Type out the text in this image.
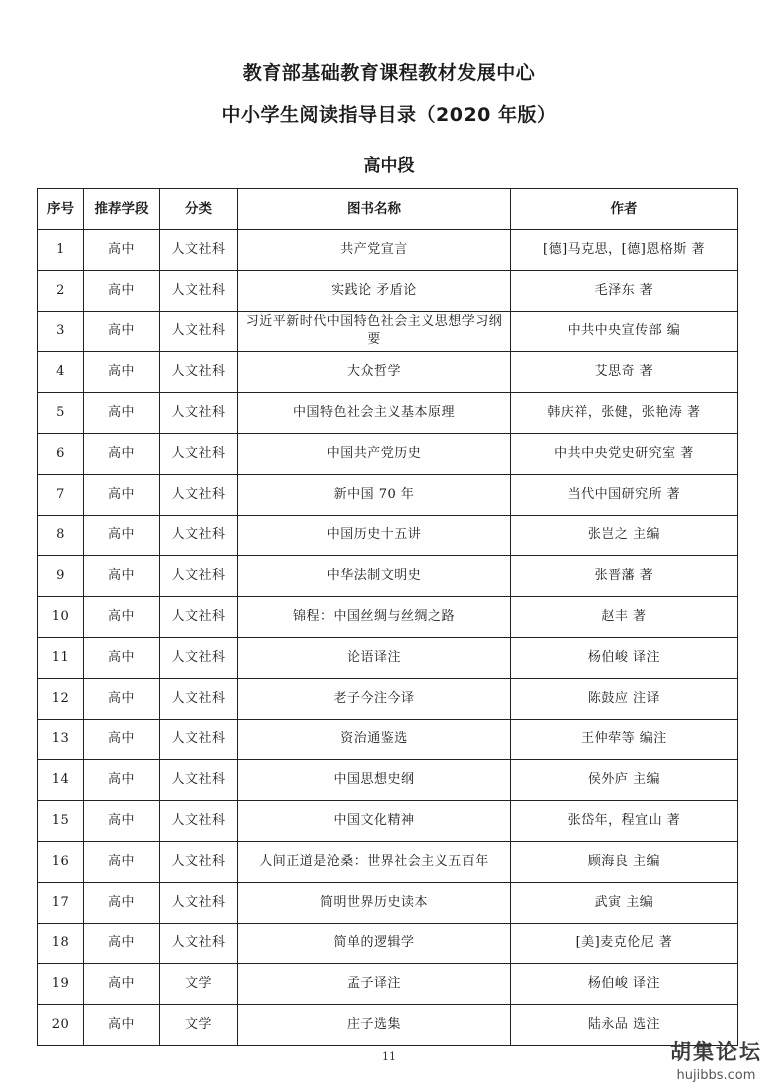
教育部基础教育课程教材发展中心
中小学生阅读指导目录（2020 年版）
高中段
序号	推荐学段	分类	图书名称	作者
1	高中	人文社科	共产党宣言	[德]马克思，[德]恩格斯 著
2	高中	人文社科	实践论 矛盾论	毛泽东 著
3	高中	人文社科	习近平新时代中国特色社会主义思想学习纲要	中共中央宣传部 编
4	高中	人文社科	大众哲学	艾思奇 著
5	高中	人文社科	中国特色社会主义基本原理	韩庆祥，张健，张艳涛 著
6	高中	人文社科	中国共产党历史	中共中央党史研究室 著
7	高中	人文社科	新中国 70 年	当代中国研究所 著
8	高中	人文社科	中国历史十五讲	张岂之 主编
9	高中	人文社科	中华法制文明史	张晋藩 著
10	高中	人文社科	锦程：中国丝绸与丝绸之路	赵丰 著
11	高中	人文社科	论语译注	杨伯峻 译注
12	高中	人文社科	老子今注今译	陈鼓应 注译
13	高中	人文社科	资治通鉴选	王仲荦等 编注
14	高中	人文社科	中国思想史纲	侯外庐 主编
15	高中	人文社科	中国文化精神	张岱年，程宜山 著
16	高中	人文社科	人间正道是沧桑：世界社会主义五百年	顾海良 主编
17	高中	人文社科	简明世界历史读本	武寅 主编
18	高中	人文社科	简单的逻辑学	[美]麦克伦尼 著
19	高中	文学	孟子译注	杨伯峻 译注
20	高中	文学	庄子选集	陆永品 选注
11	胡集论坛
hujibbs.com
